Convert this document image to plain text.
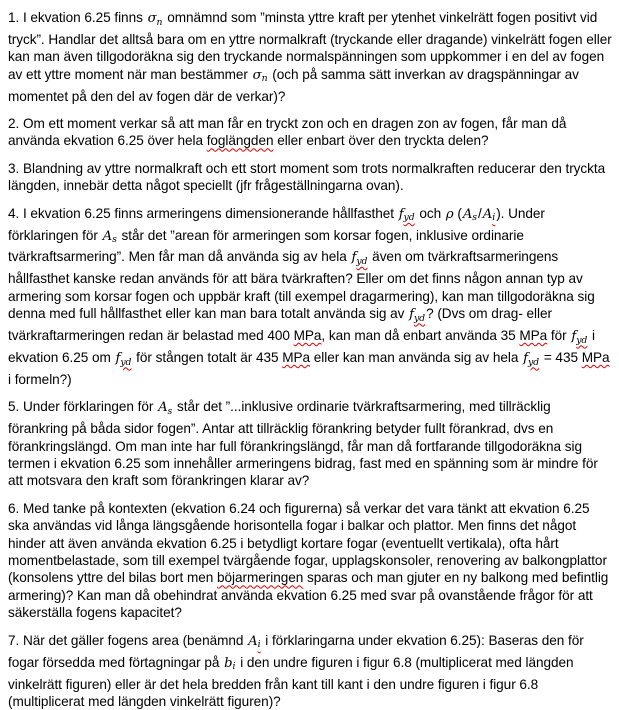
1. I ekvation 6.25 finns σn omnämnd som ”minsta yttre kraft per ytenhet vinkelrätt fogen positivt vid tryck”. Handlar det alltså bara om en yttre normalkraft (tryckande eller dragande) vinkelrätt fogen eller kan man även tillgodoräkna sig den tryckande normalspänningen som uppkommer i en del av fogen av ett yttre moment när man bestämmer σn (och på samma sätt inverkan av dragspänningar av momentet på den del av fogen där de verkar)?

2. Om ett moment verkar så att man får en tryckt zon och en dragen zon av fogen, får man då använda ekvation 6.25 över hela foglängden eller enbart över den tryckta delen?

3. Blandning av yttre normalkraft och ett stort moment som trots normalkraften reducerar den tryckta längden, innebär detta något speciellt (jfr frågeställningarna ovan).

4. I ekvation 6.25 finns armeringens dimensionerande hållfasthet fyd och ρ (As/Ai). Under förklaringen för As står det ”arean för armeringen som korsar fogen, inklusive ordinarie tvärkraftsarmering”. Men får man då använda sig av hela fyd även om tvärkraftsarmeringens hållfasthet kanske redan används för att bära tvärkraften? Eller om det finns någon annan typ av armering som korsar fogen och uppbär kraft (till exempel dragarmering), kan man tillgodoräkna sig denna med full hållfasthet eller kan man bara totalt använda sig av fyd? (Dvs om drag- eller tvärkraftarmeringen redan är belastad med 400 MPa, kan man då enbart använda 35 MPa för fyd i ekvation 6.25 om fyd för stången totalt är 435 MPa eller kan man använda sig av hela fyd = 435 MPa i formeln?)

5. Under förklaringen för As står det ”...inklusive ordinarie tvärkraftsarmering, med tillräcklig förankring på båda sidor fogen”. Antar att tillräcklig förankring betyder fullt förankrad, dvs en förankringslängd. Om man inte har full förankringslängd, får man då fortfarande tillgodoräkna sig termen i ekvation 6.25 som innehåller armeringens bidrag, fast med en spänning som är mindre för att motsvara den kraft som förankringen klarar av?

6. Med tanke på kontexten (ekvation 6.24 och figurerna) så verkar det vara tänkt att ekvation 6.25 ska användas vid långa längsgående horisontella fogar i balkar och plattor. Men finns det något hinder att även använda ekvation 6.25 i betydligt kortare fogar (eventuellt vertikala), ofta hårt momentbelastade, som till exempel tvärgående fogar, upplagskonsoler, renovering av balkongplattor (konsolens yttre del bilas bort men böjarmeringen sparas och man gjuter en ny balkong med befintlig armering)? Kan man då obehindrat använda ekvation 6.25 med svar på ovanstående frågor för att säkerställa fogens kapacitet?

7. När det gäller fogens area (benämnd Ai i förklaringarna under ekvation 6.25): Baseras den för fogar försedda med förtagningar på bi i den undre figuren i figur 6.8 (multiplicerat med längden vinkelrätt figuren) eller är det hela bredden från kant till kant i den undre figuren i figur 6.8 (multiplicerat med längden vinkelrätt figuren)?
